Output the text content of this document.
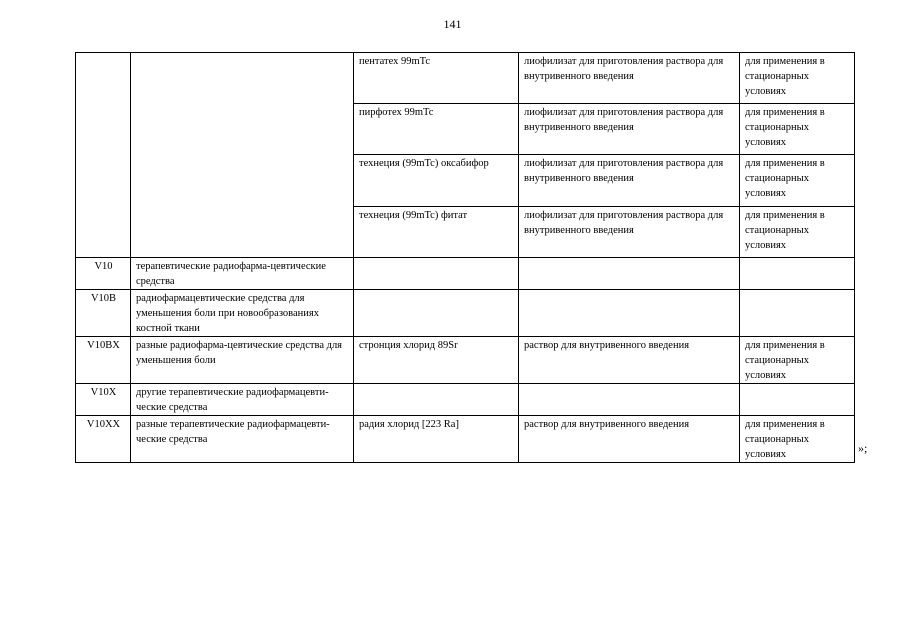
141
		пентатех 99mTc	лиофилизат для приготовления раствора для внутривенного введения	для применения в стационарных условиях
		пирфотех 99mTc	лиофилизат для приготовления раствора для внутривенного введения	для применения в стационарных условиях
		технеция (99mTc) оксабифор	лиофилизат для приготовления раствора для внутривенного введения	для применения в стационарных условиях
		технеция (99mTc) фитат	лиофилизат для приготовления раствора для внутривенного введения	для применения в стационарных условиях
V10	терапевтические радиофарма-цевтические средства			
V10B	радиофармацевтические средства для уменьшения боли при новообразованиях костной ткани			
V10BX	разные радиофарма-цевтические средства для уменьшения боли	стронция хлорид 89Sr	раствор для внутривенного введения	для применения в стационарных условиях
V10X	другие терапевтические радиофармацевти-ческие средства			
V10XX	разные терапевтические радиофармацевти-ческие средства	радия хлорид [223 Ra]	раствор для внутривенного введения	для применения в стационарных условиях	»;
